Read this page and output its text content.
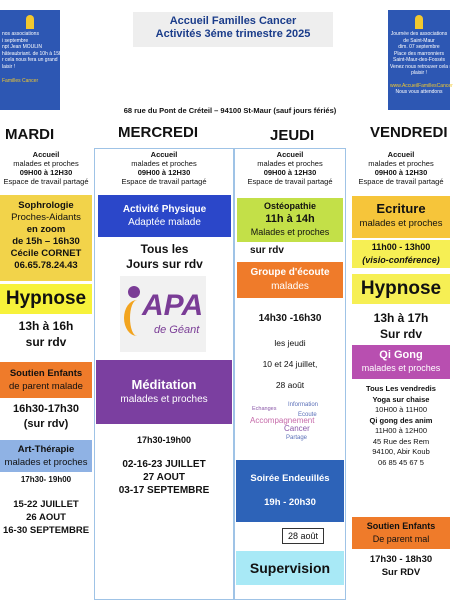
Accueil Familles Cancer
Activités 3éme trimestre 2025
68 rue du Pont de Créteil – 94100 St-Maur (sauf jours fériés)
nos associations
i septembre
npt Jean MOULIN
hâteaubriant. de 10h à 15h
r cela nous fera un grand
laisir !
Familles Cancer
Journée des associations
de Saint-Maur
dim. 07 septembre
Place des marronniers
Saint-Maur-des-Fossés
Venez nous retrouver cela nous fera
plaisir !
www.AccueilFamillesCancer
Nous vous attendons
MARDI	MERCREDI	JEUDI	VENDREDI
Accueil
malades et proches
09H00 à 12H30
Espace de travail partagé
Sophrologie
Proches-Aidants
en zoom
de 15h – 16h30
Cécile CORNET
06.65.78.24.43
Hypnose
13h à 16h
sur rdv
Soutien Enfants
de parent malade
16h30-17h30
(sur rdv)
Art-Thérapie
malades et proches
17h30- 19h00
15-22 JUILLET
26 AOUT
16-30 SEPTEMBRE
Accueil
malades et proches
09H00 à 12H30
Espace de travail partagé
Activité Physique
Adaptée malade
Tous les
Jours sur rdv
APA
de Géant
Méditation
malades et proches
17h30-19h00
02-16-23 JUILLET
27 AOUT
03-17 SEPTEMBRE
Accueil
malades et proches
09H00 à 12H30
Espace de travail partagé
Ostéopathie
11h à 14h
Malades et proches
sur rdv
Groupe d'écoute
malades
14h30 -16h30
les jeudi
10 et 24 juillet,
28 août
Echanges
Information
Accompagnement
Ecoute
Cancer
Partage
Soirée Endeuillés
19h - 20h30
28 août
Supervision
Accueil
malades et proches
09H00 à 12H30
Espace de travail partagé
Ecriture
malades et proches
11h00 - 13h00
(visio-conférence)
Hypnose
13h à 17h
Sur rdv
Qi Gong
malades et proches
Tous Les vendredis
Yoga sur chaise
10H00 à 11H00
Qi gong des anim
11H00 à 12H00
45 Rue des Rem
94100, Abir Koub
06 85 45 67 5
Soutien Enfants
De parent mal
17h30 - 18h30
Sur RDV
